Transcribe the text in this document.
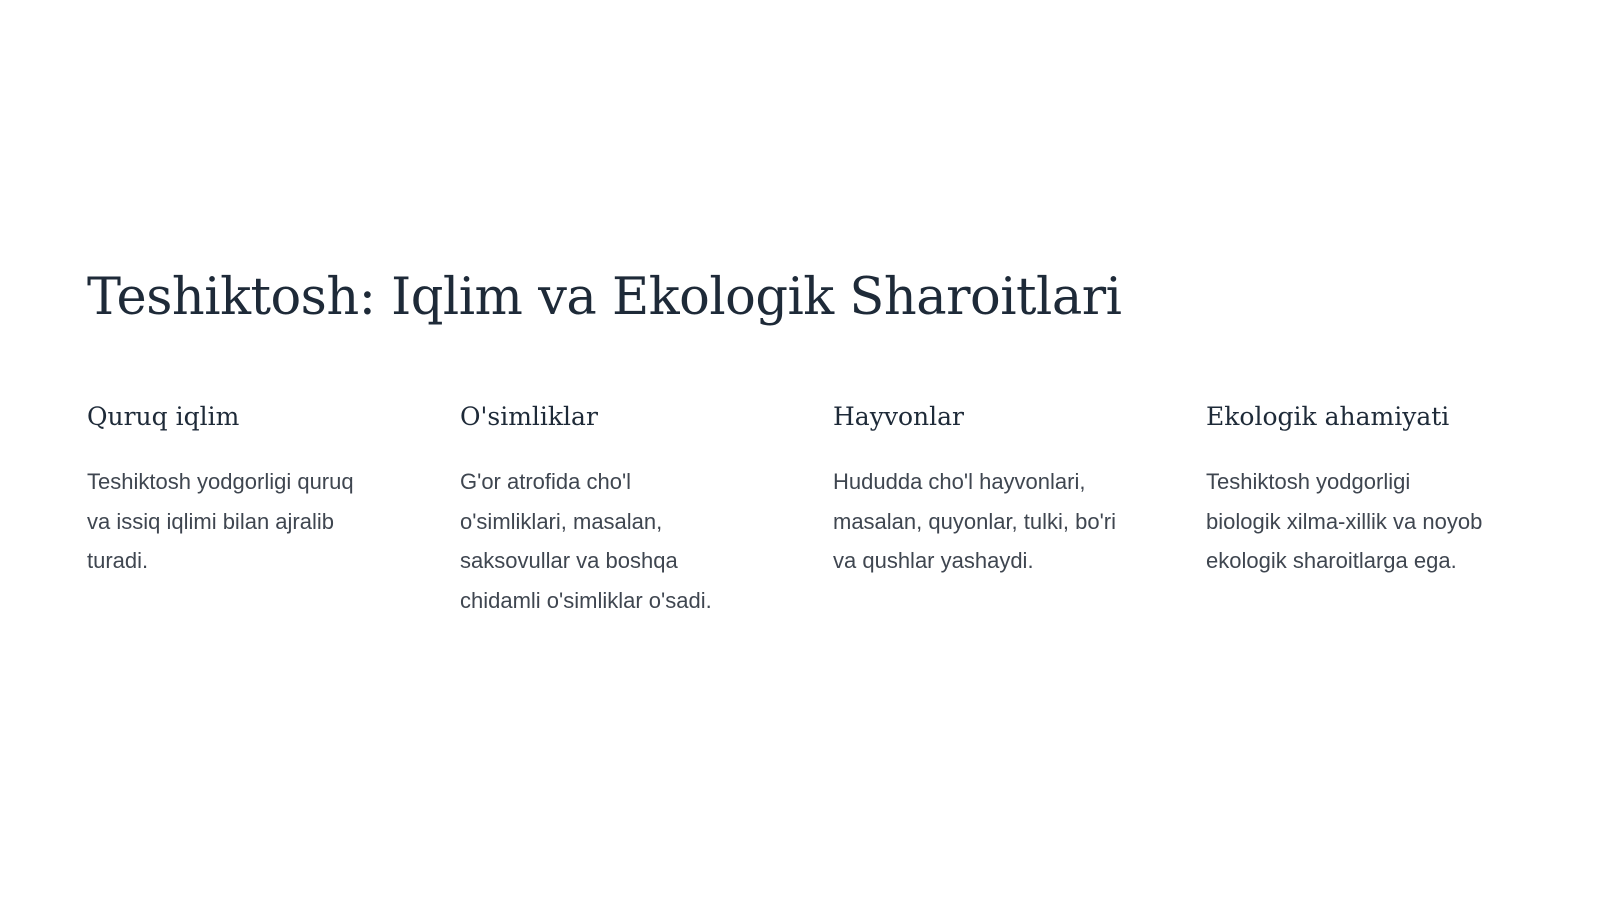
Teshiktosh: Iqlim va Ekologik Sharoitlari
Quruq iqlim

Teshiktosh yodgorligi quruq
va issiq iqlimi bilan ajralib
turadi.

O'simliklar

G'or atrofida cho'l
o'simliklari, masalan,
saksovullar va boshqa
chidamli o'simliklar o'sadi.

Hayvonlar

Hududda cho'l hayvonlari,
masalan, quyonlar, tulki, bo'ri
va qushlar yashaydi.

Ekologik ahamiyati

Teshiktosh yodgorligi
biologik xilma-xillik va noyob
ekologik sharoitlarga ega.
